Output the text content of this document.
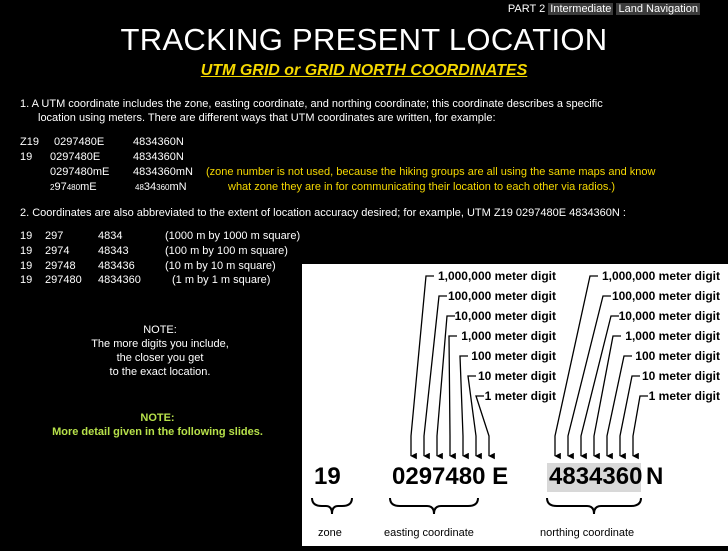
PART 2 Intermediate Land Navigation
TRACKING PRESENT LOCATION
UTM GRID or GRID NORTH COORDINATES
1. A UTM coordinate includes the zone, easting coordinate, and northing coordinate; this coordinate describes a specific
location using meters. There are different ways that UTM coordinates are written, for example:
Z19 0297480E	4834360N
19 0297480E	4834360N
0297480mE 4834360mN (zone number is not used, because the hiking groups are all using the same maps and know
297480mE	4834360mN	what zone they are in for communicating their location to each other via radios.)
2. Coordinates are also abbreviated to the extent of location accuracy desired; for example, UTM Z19 0297480E 4834360N :
19 297	4834	(1000 m by 1000 m square)
19 2974	48343	(100 m by 100 m square)
19 29748 483436	(10 m by 10 m square)
19 297480 4834360	(1 m by 1 m square)
NOTE:
The more digits you include,
the closer you get
to the exact location.
NOTE:
More detail given in the following slides.
1,000,000 meter digit
100,000 meter digit
10,000 meter digit
1,000 meter digit
100 meter digit
10 meter digit
1 meter digit
1,000,000 meter digit
100,000 meter digit
10,000 meter digit
1,000 meter digit
100 meter digit
10 meter digit
1 meter digit
19 0297480 E 4834360 N
zone	easting coordinate	northing coordinate
